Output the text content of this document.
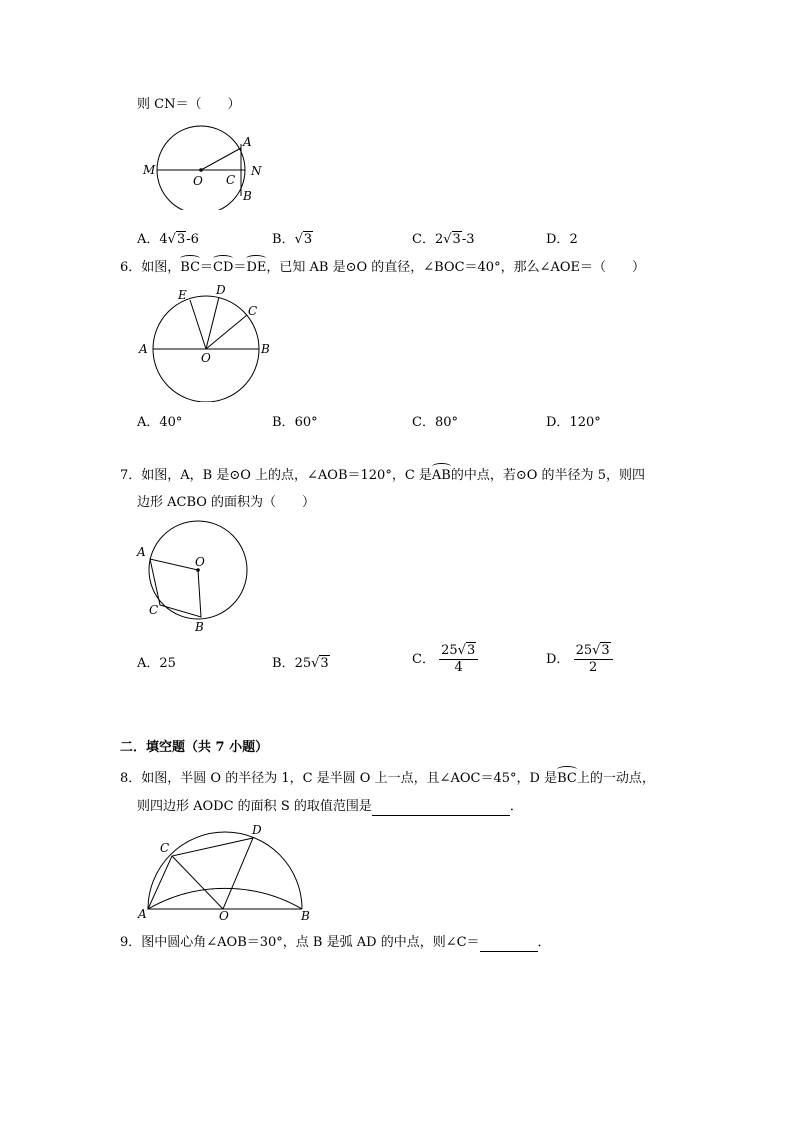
则 CN＝（　　）
M
O C
N
A
B
A．4√3-6	B．√3	C．2√3-3	D．2
6．如图，BC＝CD＝DE，已知 AB 是⊙O 的直径，∠BOC＝40°，那么∠AOE＝（　　）
E D
C
A
O
B
A．40°	B．60°	C．80°	D．120°
7．如图，A，B 是⊙O 上的点，∠AOB＝120°，C 是AB的中点，若⊙O 的半径为 5，则四
边形 ACBO 的面积为（　　）
A
O
C
B
A．25	B．25√3	C． $\frac{25√3}{4}$	D． $\frac{25√3}{2}$
二．填空题（共 7 小题）
8．如图，半圆 O 的半径为 1，C 是半圆 O 上一点，且∠AOC＝45°，D 是BC上的一动点，
则四边形 AODC 的面积 S 的取值范围是	．
C
D
A	O	B
9．图中圆心角∠AOB＝30°，点 B 是弧 AD 的中点，则∠C＝	．
